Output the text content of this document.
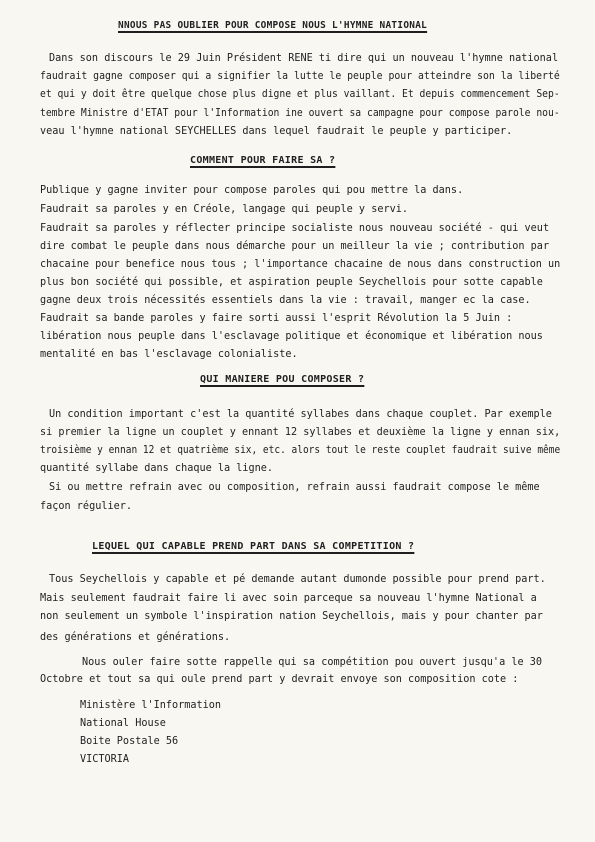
NNOUS PAS OUBLIER POUR COMPOSE NOUS L'HYMNE NATIONAL
Dans son discours le 29 Juin Président RENE ti dire qui un nouveau l'hymne national
faudrait gagne composer qui a signifier la lutte le peuple pour atteindre son la liberté
et qui y doit être quelque chose plus digne et plus vaillant. Et depuis commencement Sep-
tembre Ministre d'ETAT pour l'Information ine ouvert sa campagne pour compose parole nou-
veau l'hymne national SEYCHELLES dans lequel faudrait le peuple y participer.
COMMENT POUR FAIRE SA ?
Publique y gagne inviter pour compose paroles qui pou mettre la dans.
Faudrait sa paroles y en Créole, langage qui peuple y servi.
Faudrait sa paroles y réflecter principe socialiste nous nouveau société - qui veut
dire combat le peuple dans nous démarche pour un meilleur la vie ; contribution par
chacaine pour benefice nous tous ; l'importance chacaine de nous dans construction un
plus bon société qui possible, et aspiration peuple Seychellois pour sotte capable
gagne deux trois nécessités essentiels dans la vie : travail, manger ec la case.
Faudrait sa bande paroles y faire sorti aussi l'esprit Révolution la 5 Juin :
libération nous peuple dans l'esclavage politique et économique et libération nous
mentalité en bas l'esclavage colonialiste.
QUI MANIERE POU COMPOSER ?
Un condition important c'est la quantité syllabes dans chaque couplet. Par exemple
si premier la ligne un couplet y ennant 12 syllabes et deuxième la ligne y ennan six,
troisième y ennan 12 et quatrième six, etc. alors tout le reste couplet faudrait suive même
quantité syllabe dans chaque la ligne.
Si ou mettre refrain avec ou composition, refrain aussi faudrait compose le même
façon régulier.
LEQUEL QUI CAPABLE PREND PART DANS SA COMPETITION ?
Tous Seychellois y capable et pé demande autant dumonde possible pour prend part.
Mais seulement faudrait faire li avec soin parceque sa nouveau l'hymne National a
non seulement un symbole l'inspiration nation Seychellois, mais y pour chanter par
des générations et générations.
Nous ouler faire sotte rappelle qui sa compétition pou ouvert jusqu'a le 30
Octobre et tout sa qui oule prend part y devrait envoye son composition cote :
Ministère l'Information
National House
Boite Postale 56
VICTORIA
